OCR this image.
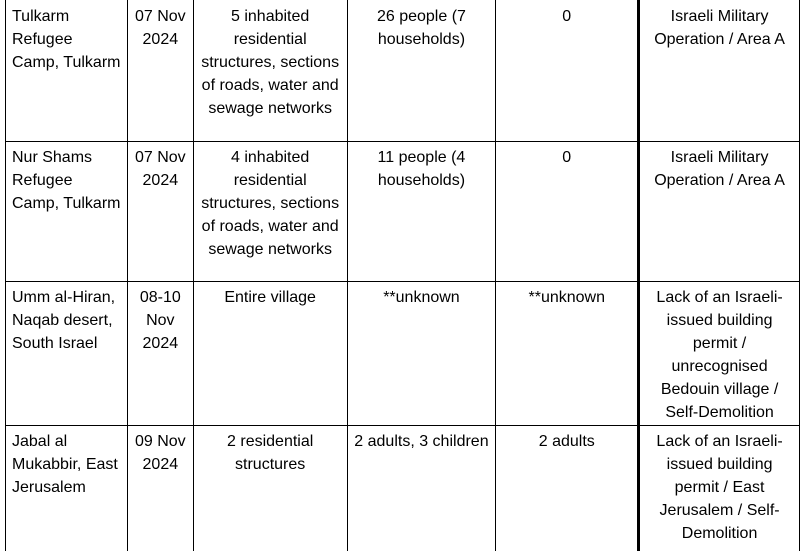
Tulkarm Refugee Camp, Tulkarm	07 Nov 2024	5 inhabited residential structures, sections of roads, water and sewage networks	26 people (7 households)	0	Israeli Military Operation / Area A
Nur Shams Refugee Camp, Tulkarm	07 Nov 2024	4 inhabited residential structures, sections of roads, water and sewage networks	11 people (4 households)	0	Israeli Military Operation / Area A
Umm al-Hiran, Naqab desert, South Israel	08-10 Nov 2024	Entire village	**unknown	**unknown	Lack of an Israeli-issued building permit / unrecognised Bedouin village / Self-Demolition
Jabal al Mukabbir, East Jerusalem	09 Nov 2024	2 residential structures	2 adults, 3 children	2 adults	Lack of an Israeli-issued building permit / East Jerusalem / Self-Demolition
